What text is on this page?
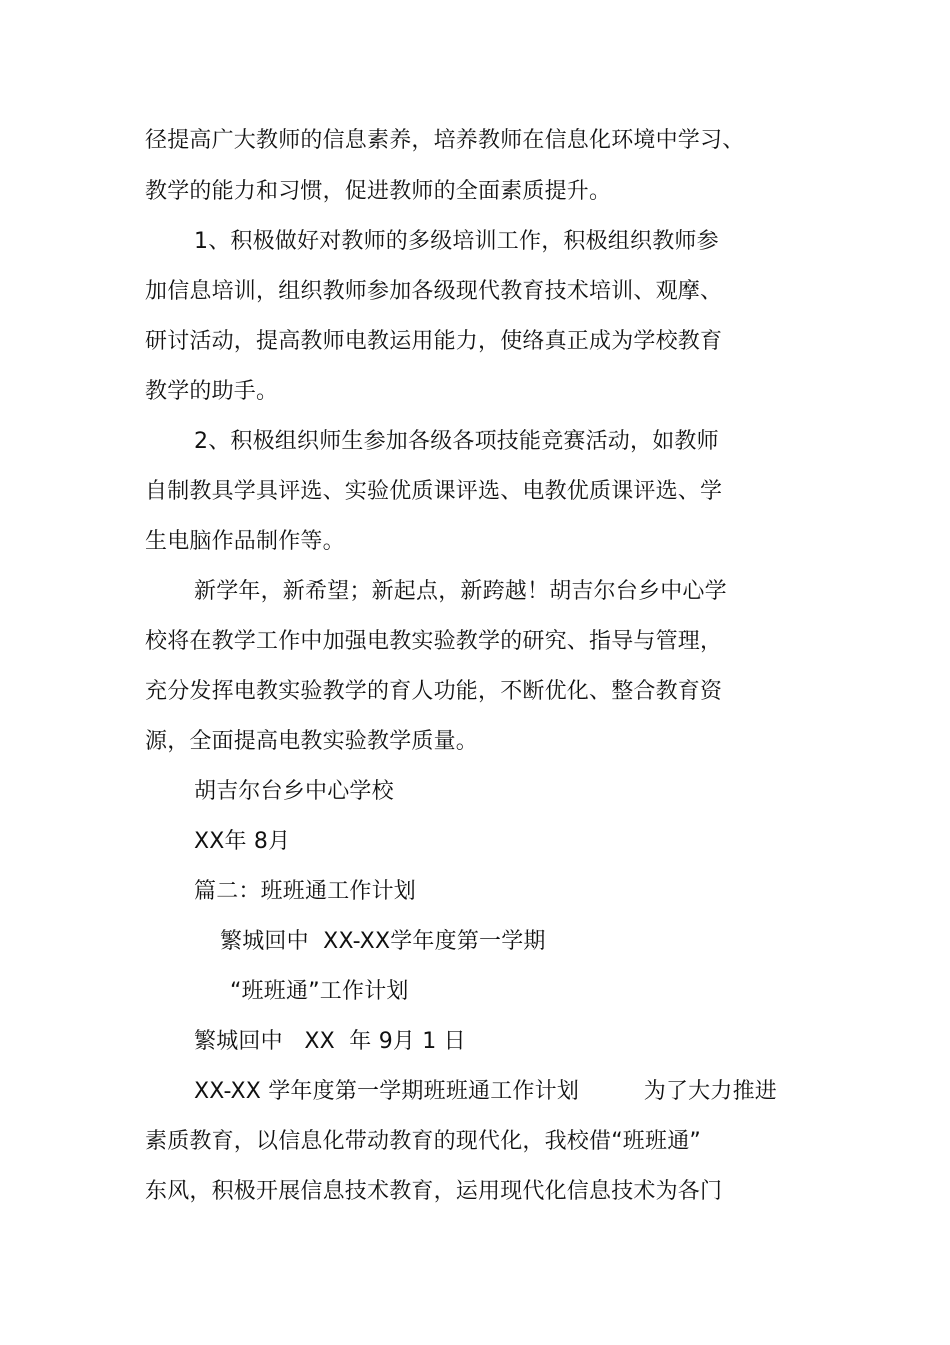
径提高广大教师的信息素养，培养教师在信息化环境中学习、
教学的能力和习惯，促进教师的全面素质提升。
1、积极做好对教师的多级培训工作，积极组织教师参
加信息培训，组织教师参加各级现代教育技术培训、观摩、
研讨活动，提高教师电教运用能力，使络真正成为学校教育
教学的助手。
2、积极组织师生参加各级各项技能竞赛活动，如教师
自制教具学具评选、实验优质课评选、电教优质课评选、学
生电脑作品制作等。
新学年，新希望；新起点，新跨越！胡吉尔台乡中心学
校将在教学工作中加强电教实验教学的研究、指导与管理，
充分发挥电教实验教学的育人功能，不断优化、整合教育资
源，全面提高电教实验教学质量。
胡吉尔台乡中心学校
XX年 8月
篇二：班班通工作计划
繁城回中  XX-XX学年度第一学期
“班班通”工作计划
繁城回中   XX  年 9月 1 日
XX-XX 学年度第一学期班班通工作计划         为了大力推进
素质教育，以信息化带动教育的现代化，我校借“班班通”
东风，积极开展信息技术教育，运用现代化信息技术为各门
